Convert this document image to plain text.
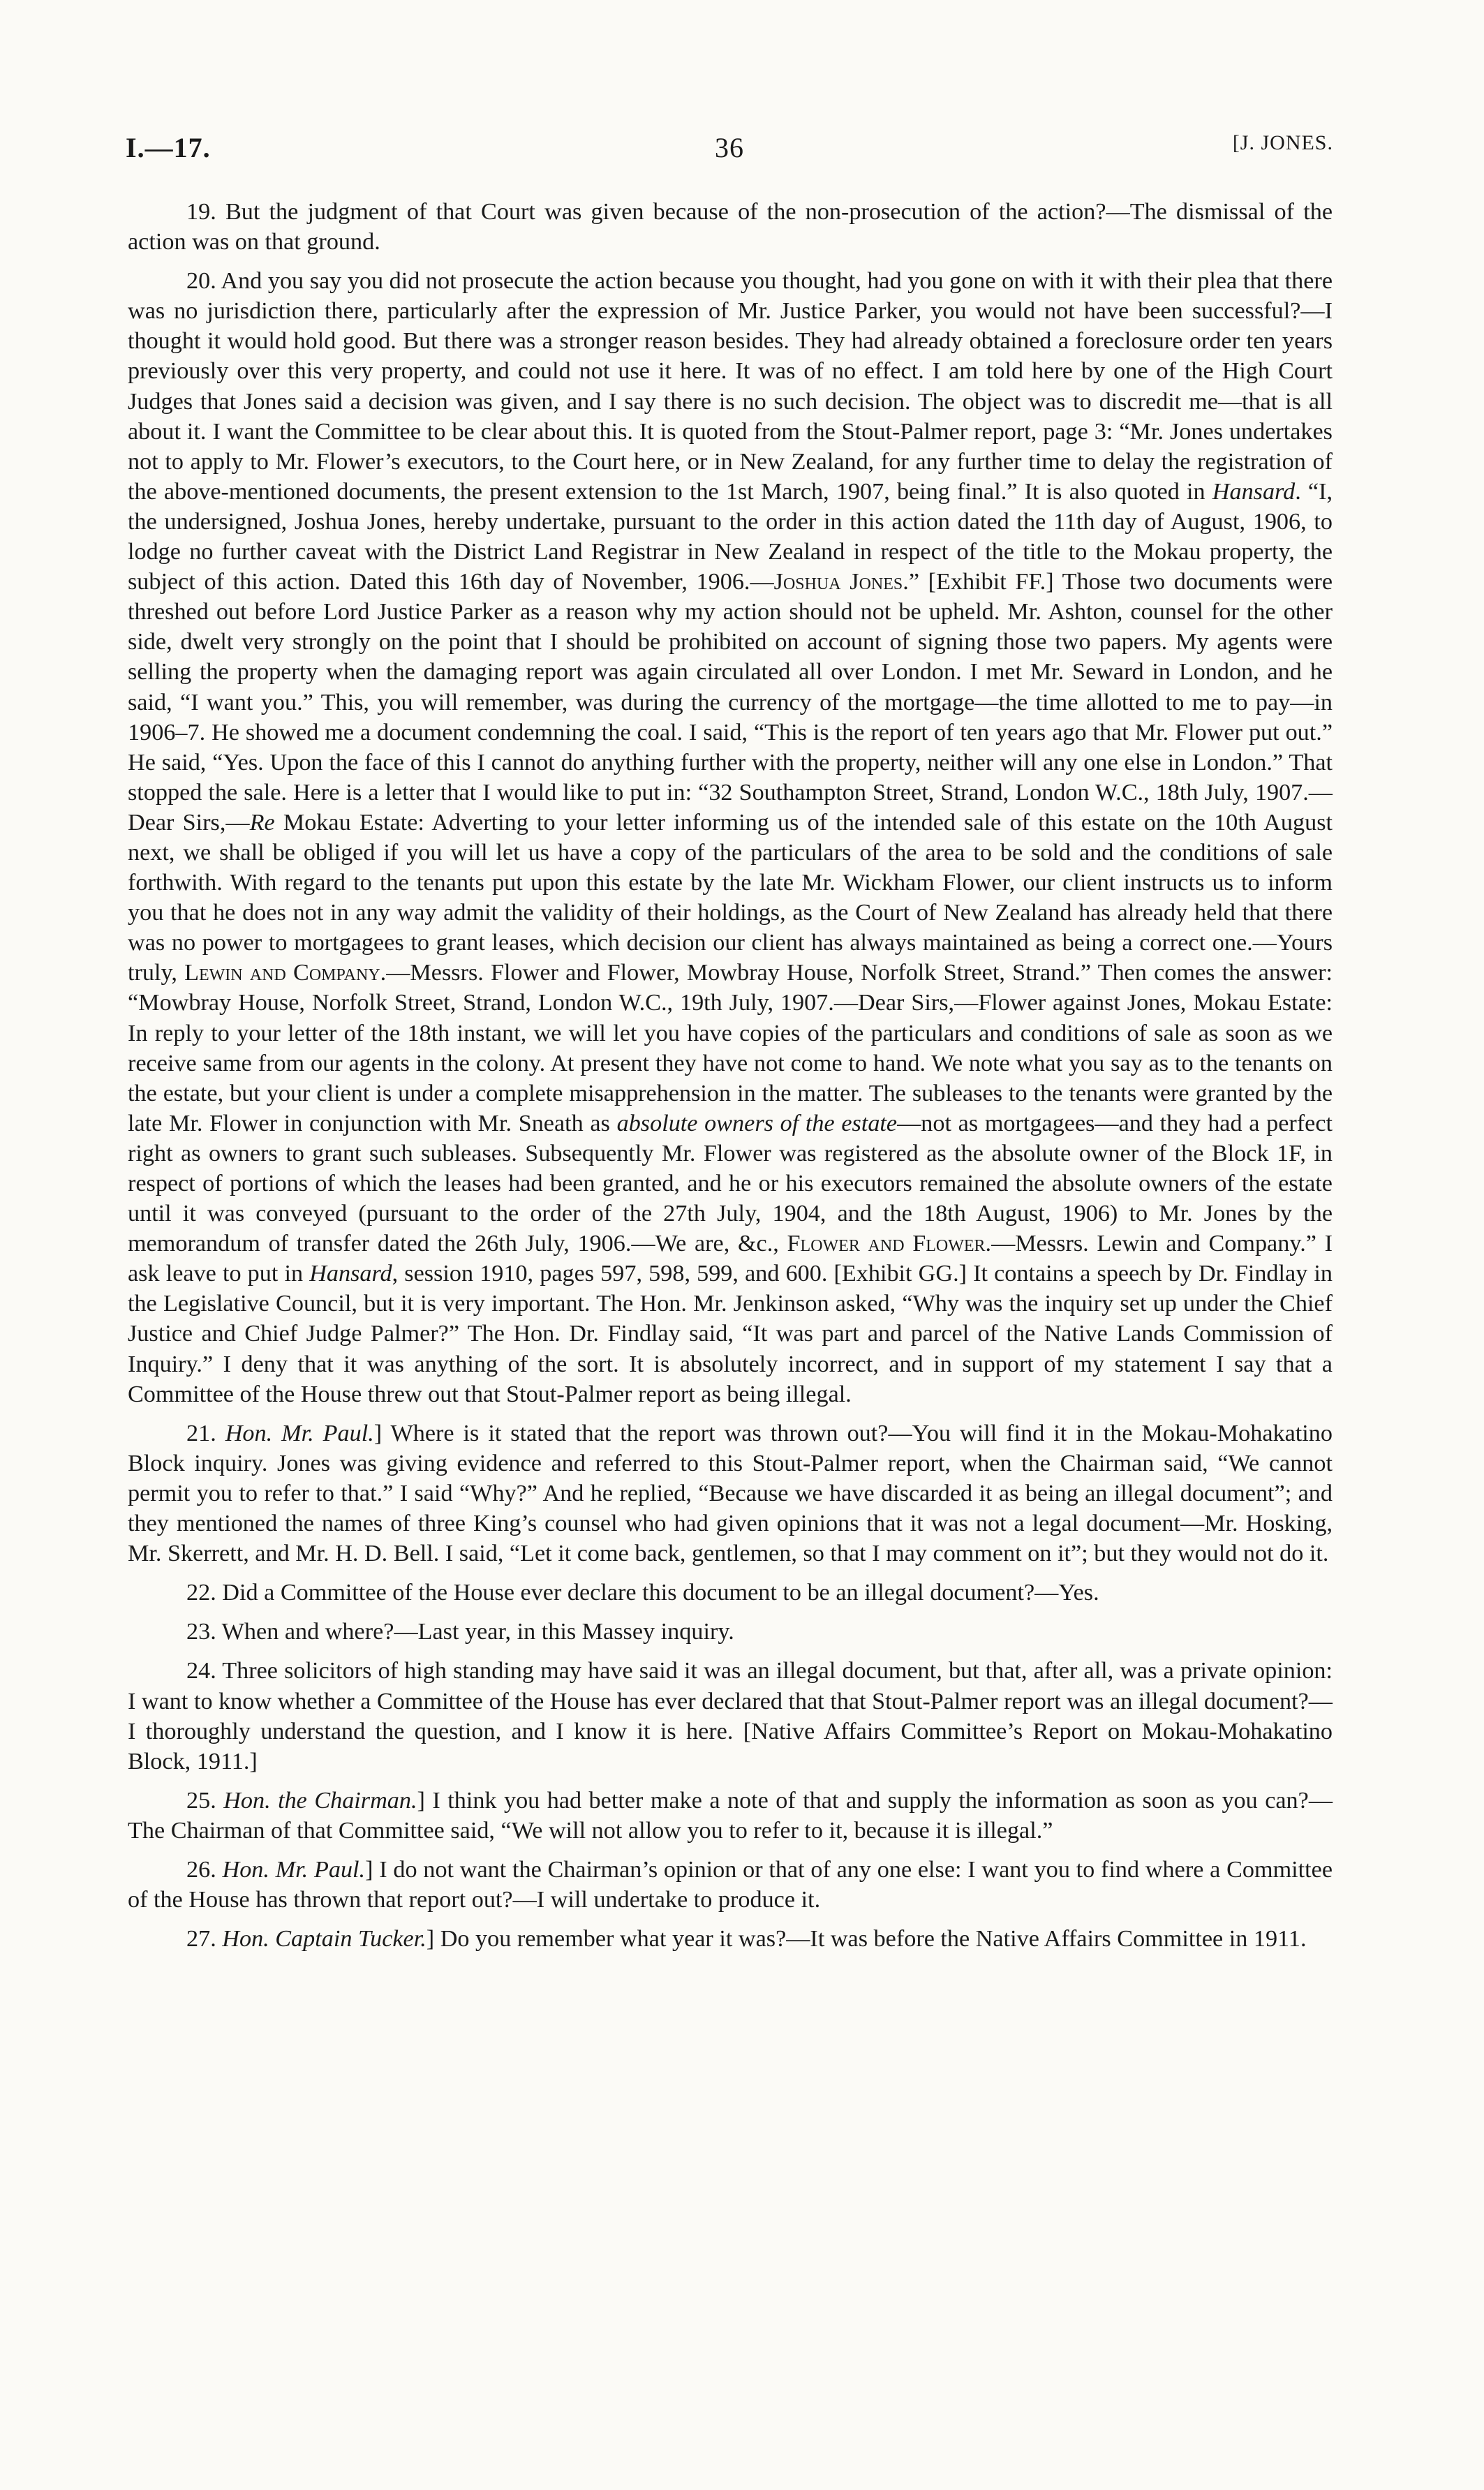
I.—17.	36	[J. JONES.

19. But the judgment of that Court was given because of the non-prosecution of the action?—The dismissal of the action was on that ground.

20. And you say you did not prosecute the action because you thought, had you gone on with it with their plea that there was no jurisdiction there, particularly after the expression of Mr. Justice Parker, you would not have been successful?—I thought it would hold good. But there was a stronger reason besides. They had already obtained a foreclosure order ten years previously over this very property, and could not use it here. It was of no effect. I am told here by one of the High Court Judges that Jones said a decision was given, and I say there is no such decision. The object was to discredit me—that is all about it. I want the Committee to be clear about this. It is quoted from the Stout-Palmer report, page 3: “Mr. Jones undertakes not to apply to Mr. Flower’s executors, to the Court here, or in New Zealand, for any further time to delay the registration of the above-mentioned documents, the present extension to the 1st March, 1907, being final.” It is also quoted in Hansard. “I, the undersigned, Joshua Jones, hereby undertake, pursuant to the order in this action dated the 11th day of August, 1906, to lodge no further caveat with the District Land Registrar in New Zealand in respect of the title to the Mokau property, the subject of this action. Dated this 16th day of November, 1906.—Joshua Jones.” [Exhibit FF.] Those two documents were threshed out before Lord Justice Parker as a reason why my action should not be upheld. Mr. Ashton, counsel for the other side, dwelt very strongly on the point that I should be prohibited on account of signing those two papers. My agents were selling the property when the damaging report was again circulated all over London. I met Mr. Seward in London, and he said, “I want you.” This, you will remember, was during the currency of the mortgage—the time allotted to me to pay—in 1906–7. He showed me a document condemning the coal. I said, “This is the report of ten years ago that Mr. Flower put out.” He said, “Yes. Upon the face of this I cannot do anything further with the property, neither will any one else in London.” That stopped the sale. Here is a letter that I would like to put in: “32 Southampton Street, Strand, London W.C., 18th July, 1907.—Dear Sirs,—Re Mokau Estate: Adverting to your letter informing us of the intended sale of this estate on the 10th August next, we shall be obliged if you will let us have a copy of the particulars of the area to be sold and the conditions of sale forthwith. With regard to the tenants put upon this estate by the late Mr. Wickham Flower, our client instructs us to inform you that he does not in any way admit the validity of their holdings, as the Court of New Zealand has already held that there was no power to mortgagees to grant leases, which decision our client has always maintained as being a correct one.—Yours truly, Lewin and Company.—Messrs. Flower and Flower, Mowbray House, Norfolk Street, Strand.” Then comes the answer: “Mowbray House, Norfolk Street, Strand, London W.C., 19th July, 1907.—Dear Sirs,—Flower against Jones, Mokau Estate: In reply to your letter of the 18th instant, we will let you have copies of the particulars and conditions of sale as soon as we receive same from our agents in the colony. At present they have not come to hand. We note what you say as to the tenants on the estate, but your client is under a complete misapprehension in the matter. The subleases to the tenants were granted by the late Mr. Flower in conjunction with Mr. Sneath as absolute owners of the estate—not as mortgagees—and they had a perfect right as owners to grant such subleases. Subsequently Mr. Flower was registered as the absolute owner of the Block 1F, in respect of portions of which the leases had been granted, and he or his executors remained the absolute owners of the estate until it was conveyed (pursuant to the order of the 27th July, 1904, and the 18th August, 1906) to Mr. Jones by the memorandum of transfer dated the 26th July, 1906.—We are, &c., Flower and Flower.—Messrs. Lewin and Company.” I ask leave to put in Hansard, session 1910, pages 597, 598, 599, and 600. [Exhibit GG.] It contains a speech by Dr. Findlay in the Legislative Council, but it is very important. The Hon. Mr. Jenkinson asked, “Why was the inquiry set up under the Chief Justice and Chief Judge Palmer?” The Hon. Dr. Findlay said, “It was part and parcel of the Native Lands Commission of Inquiry.” I deny that it was anything of the sort. It is absolutely incorrect, and in support of my statement I say that a Committee of the House threw out that Stout-Palmer report as being illegal.

21. Hon. Mr. Paul.] Where is it stated that the report was thrown out?—You will find it in the Mokau-Mohakatino Block inquiry. Jones was giving evidence and referred to this Stout-Palmer report, when the Chairman said, “We cannot permit you to refer to that.” I said “Why?” And he replied, “Because we have discarded it as being an illegal document”; and they mentioned the names of three King’s counsel who had given opinions that it was not a legal document—Mr. Hosking, Mr. Skerrett, and Mr. H. D. Bell. I said, “Let it come back, gentlemen, so that I may comment on it”; but they would not do it.

22. Did a Committee of the House ever declare this document to be an illegal document?—Yes.

23. When and where?—Last year, in this Massey inquiry.

24. Three solicitors of high standing may have said it was an illegal document, but that, after all, was a private opinion: I want to know whether a Committee of the House has ever declared that that Stout-Palmer report was an illegal document?—I thoroughly understand the question, and I know it is here. [Native Affairs Committee’s Report on Mokau-Mohakatino Block, 1911.]

25. Hon. the Chairman.] I think you had better make a note of that and supply the information as soon as you can?—The Chairman of that Committee said, “We will not allow you to refer to it, because it is illegal.”

26. Hon. Mr. Paul.] I do not want the Chairman’s opinion or that of any one else: I want you to find where a Committee of the House has thrown that report out?—I will undertake to produce it.

27. Hon. Captain Tucker.] Do you remember what year it was?—It was before the Native Affairs Committee in 1911.
